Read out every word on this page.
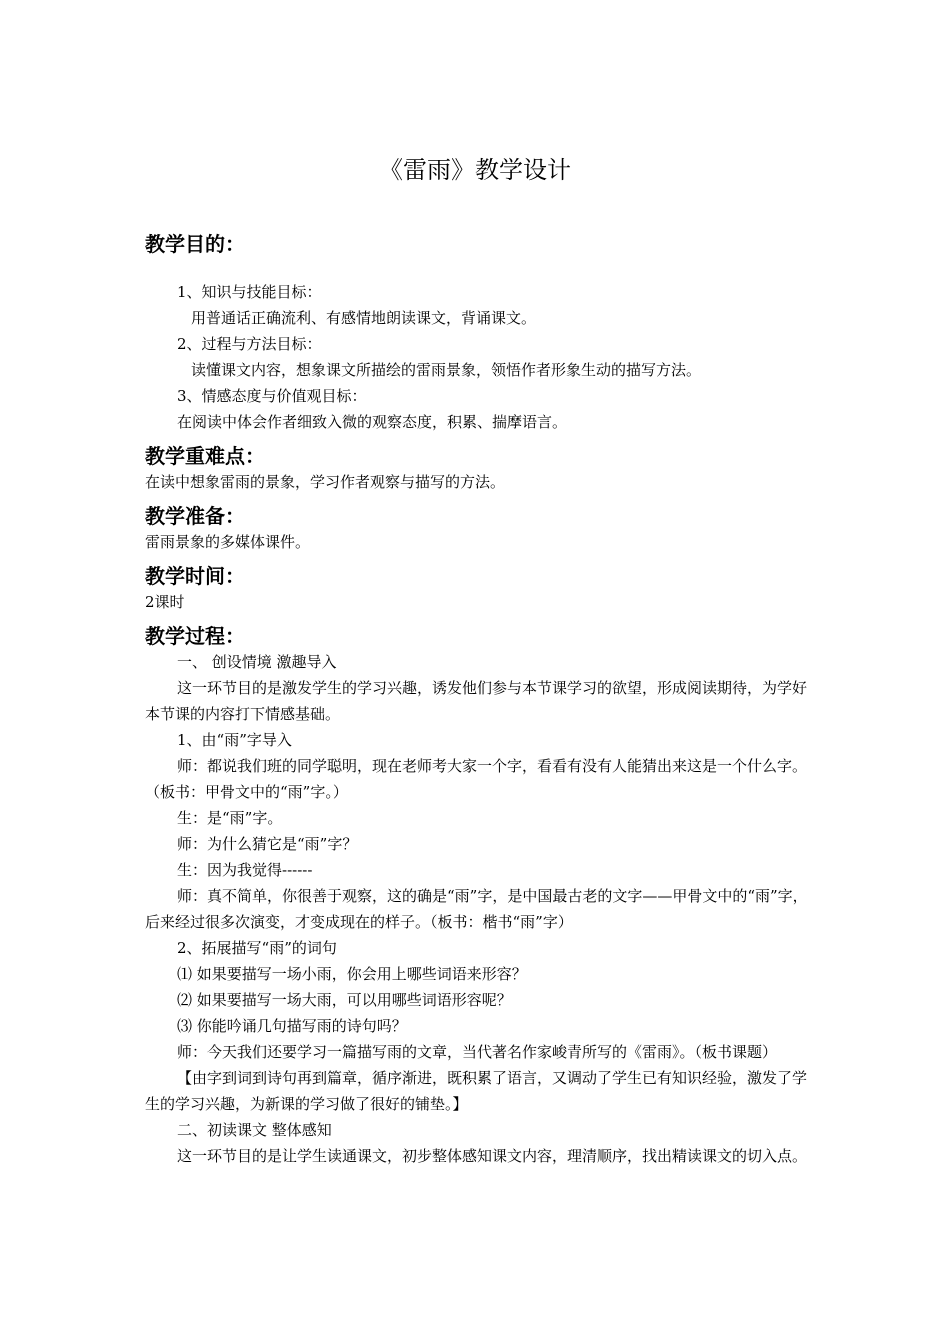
《雷雨》教学设计
教学目的：
1、知识与技能目标：
用普通话正确流利、有感情地朗读课文，背诵课文。
2、过程与方法目标：
读懂课文内容，想象课文所描绘的雷雨景象，领悟作者形象生动的描写方法。
3、情感态度与价值观目标：
在阅读中体会作者细致入微的观察态度，积累、揣摩语言。
教学重难点：
在读中想象雷雨的景象，学习作者观察与描写的方法。
教学准备：
雷雨景象的多媒体课件。
教学时间：
2课时
教学过程：
一、 创设情境 激趣导入
这一环节目的是激发学生的学习兴趣，诱发他们参与本节课学习的欲望，形成阅读期待，为学好本节课的内容打下情感基础。
1、由“雨”字导入
师：都说我们班的同学聪明，现在老师考大家一个字，看看有没有人能猜出来这是一个什么字。（板书：甲骨文中的“雨”字。）
生：是“雨”字。
师：为什么猜它是“雨”字？
生：因为我觉得------
师：真不简单，你很善于观察，这的确是“雨”字，是中国最古老的文字——甲骨文中的“雨”字，后来经过很多次演变，才变成现在的样子。（板书：楷书“雨”字）
2、拓展描写“雨”的词句
⑴ 如果要描写一场小雨，你会用上哪些词语来形容？
⑵ 如果要描写一场大雨，可以用哪些词语形容呢？
⑶ 你能吟诵几句描写雨的诗句吗？
师：今天我们还要学习一篇描写雨的文章，当代著名作家峻青所写的《雷雨》。（板书课题）
【由字到词到诗句再到篇章，循序渐进，既积累了语言，又调动了学生已有知识经验，激发了学生的学习兴趣，为新课的学习做了很好的铺垫。】
二、初读课文 整体感知
这一环节目的是让学生读通课文，初步整体感知课文内容，理清顺序，找出精读课文的切入点。
